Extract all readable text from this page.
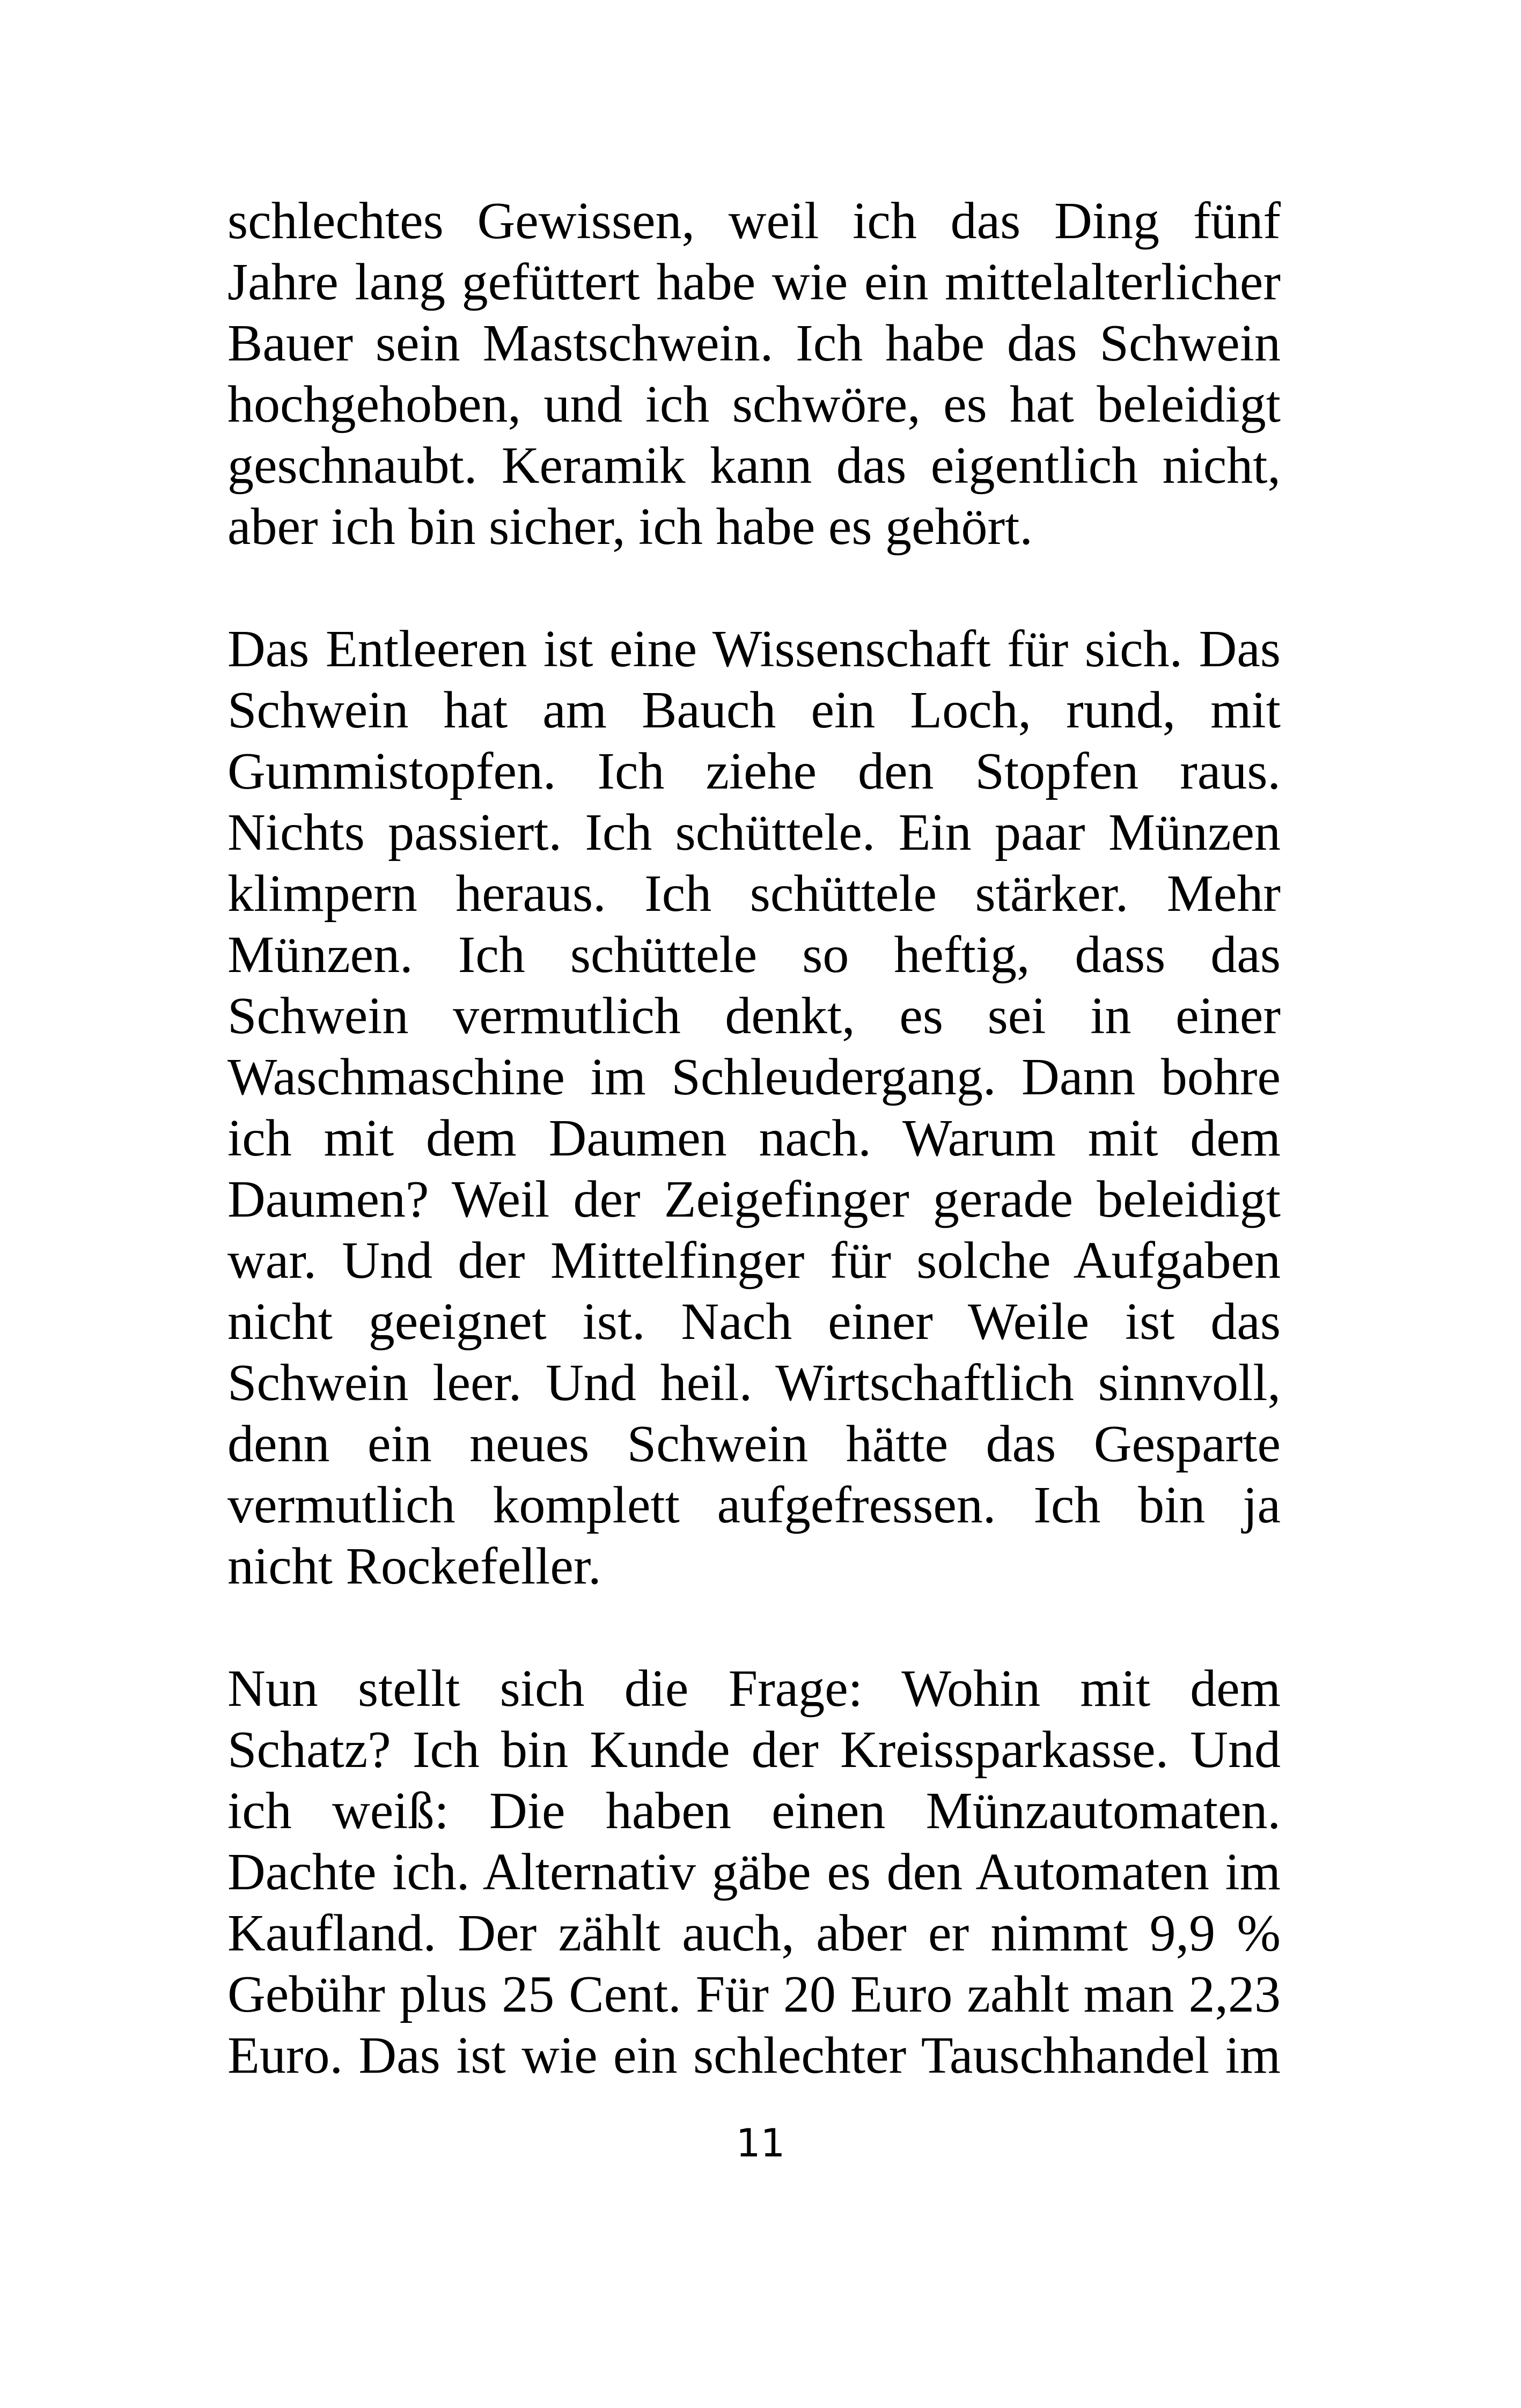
schlechtes Gewissen, weil ich das Ding fünf
Jahre lang gefüttert habe wie ein mittelalterlicher
Bauer sein Mastschwein. Ich habe das Schwein
hochgehoben, und ich schwöre, es hat beleidigt
geschnaubt. Keramik kann das eigentlich nicht,
aber ich bin sicher, ich habe es gehört.
Das Entleeren ist eine Wissenschaft für sich. Das
Schwein hat am Bauch ein Loch, rund, mit
Gummistopfen. Ich ziehe den Stopfen raus.
Nichts passiert. Ich schüttele. Ein paar Münzen
klimpern heraus. Ich schüttele stärker. Mehr
Münzen. Ich schüttele so heftig, dass das
Schwein vermutlich denkt, es sei in einer
Waschmaschine im Schleudergang. Dann bohre
ich mit dem Daumen nach. Warum mit dem
Daumen? Weil der Zeigefinger gerade beleidigt
war. Und der Mittelfinger für solche Aufgaben
nicht geeignet ist. Nach einer Weile ist das
Schwein leer. Und heil. Wirtschaftlich sinnvoll,
denn ein neues Schwein hätte das Gesparte
vermutlich komplett aufgefressen. Ich bin ja
nicht Rockefeller.
Nun stellt sich die Frage: Wohin mit dem
Schatz? Ich bin Kunde der Kreissparkasse. Und
ich weiß: Die haben einen Münzautomaten.
Dachte ich. Alternativ gäbe es den Automaten im
Kaufland. Der zählt auch, aber er nimmt 9,9 %
Gebühr plus 25 Cent. Für 20 Euro zahlt man 2,23
Euro. Das ist wie ein schlechter Tauschhandel im
11
